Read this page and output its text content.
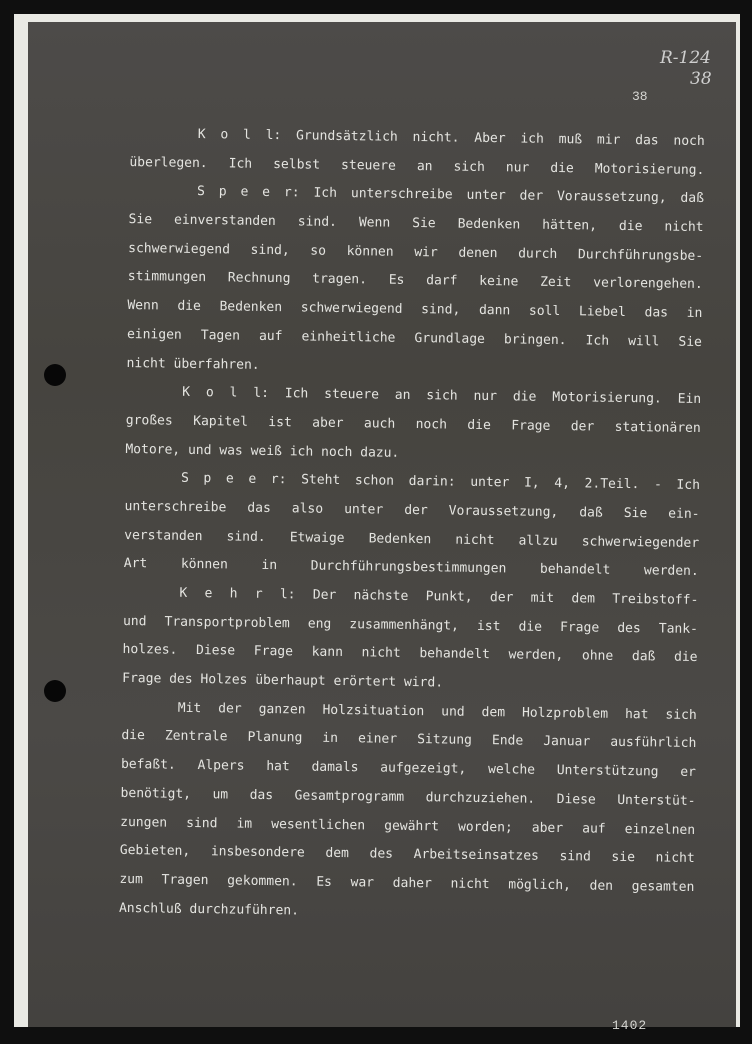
R-124
38
38
K o l l: Grundsätzlich nicht. Aber ich muß mir das noch
überlegen. Ich selbst steuere an sich nur die Motorisierung.
S p e e r: Ich unterschreibe unter der Voraussetzung, daß
Sie einverstanden sind. Wenn Sie Bedenken hätten, die nicht
schwerwiegend sind, so können wir denen durch Durchführungsbe-
stimmungen Rechnung tragen. Es darf keine Zeit verlorengehen.
Wenn die Bedenken schwerwiegend sind, dann soll Liebel das in
einigen Tagen auf einheitliche Grundlage bringen. Ich will Sie
nicht überfahren.
K o l l: Ich steuere an sich nur die Motorisierung. Ein
großes Kapitel ist aber auch noch die Frage der stationären
Motore, und was weiß ich noch dazu.
S p e e r: Steht schon darin: unter I, 4, 2.Teil. - Ich
unterschreibe das also unter der Voraussetzung, daß Sie ein-
verstanden sind. Etwaige Bedenken nicht allzu schwerwiegender
Art können in Durchführungsbestimmungen behandelt werden.
K e h r l: Der nächste Punkt, der mit dem Treibstoff-
und Transportproblem eng zusammenhängt, ist die Frage des Tank-
holzes. Diese Frage kann nicht behandelt werden, ohne daß die
Frage des Holzes überhaupt erörtert wird.
Mit der ganzen Holzsituation und dem Holzproblem hat sich
die Zentrale Planung in einer Sitzung Ende Januar ausführlich
befaßt. Alpers hat damals aufgezeigt, welche Unterstützung er
benötigt, um das Gesamtprogramm durchzuziehen. Diese Unterstüt-
zungen sind im wesentlichen gewährt worden; aber auf einzelnen
Gebieten, insbesondere dem des Arbeitseinsatzes sind sie nicht
zum Tragen gekommen. Es war daher nicht möglich, den gesamten
Anschluß durchzuführen.
1402
